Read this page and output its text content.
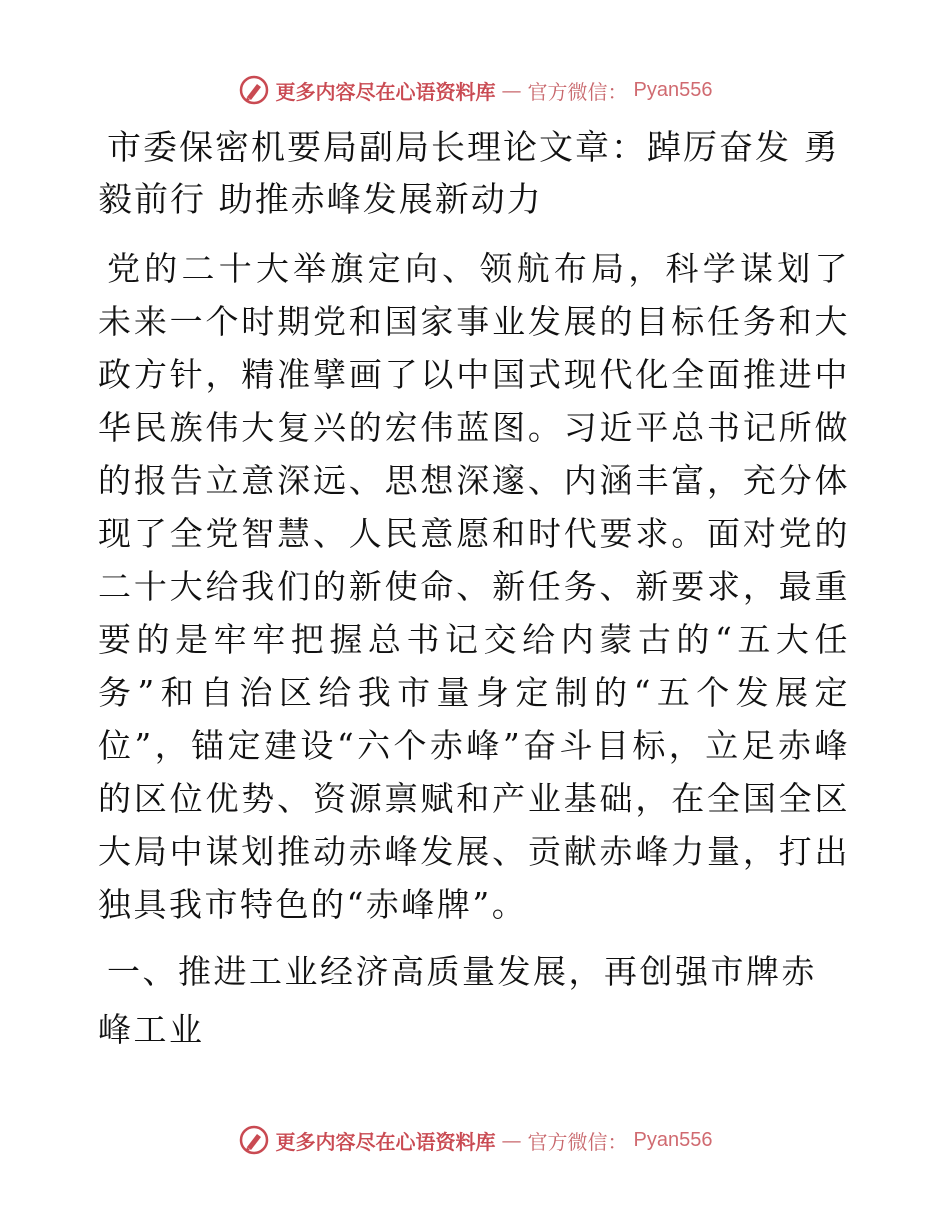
更多内容尽在心语资料库 — 官方微信： Pyan556
市委保密机要局副局长理论文章：踔厉奋发 勇毅前行 助推赤峰发展新动力

党的二十大举旗定向、领航布局，科学谋划了未来一个时期党和国家事业发展的目标任务和大政方针，精准擘画了以中国式现代化全面推进中华民族伟大复兴的宏伟蓝图。习近平总书记所做的报告立意深远、思想深邃、内涵丰富，充分体现了全党智慧、人民意愿和时代要求。面对党的二十大给我们的新使命、新任务、新要求，最重要的是牢牢把握总书记交给内蒙古的“五大任务”和自治区给我市量身定制的“五个发展定位”，锚定建设“六个赤峰”奋斗目标，立足赤峰的区位优势、资源禀赋和产业基础，在全国全区大局中谋划推动赤峰发展、贡献赤峰力量，打出独具我市特色的“赤峰牌”。

一、推进工业经济高质量发展，再创强市牌赤峰工业

更多内容尽在心语资料库 — 官方微信： Pyan556
